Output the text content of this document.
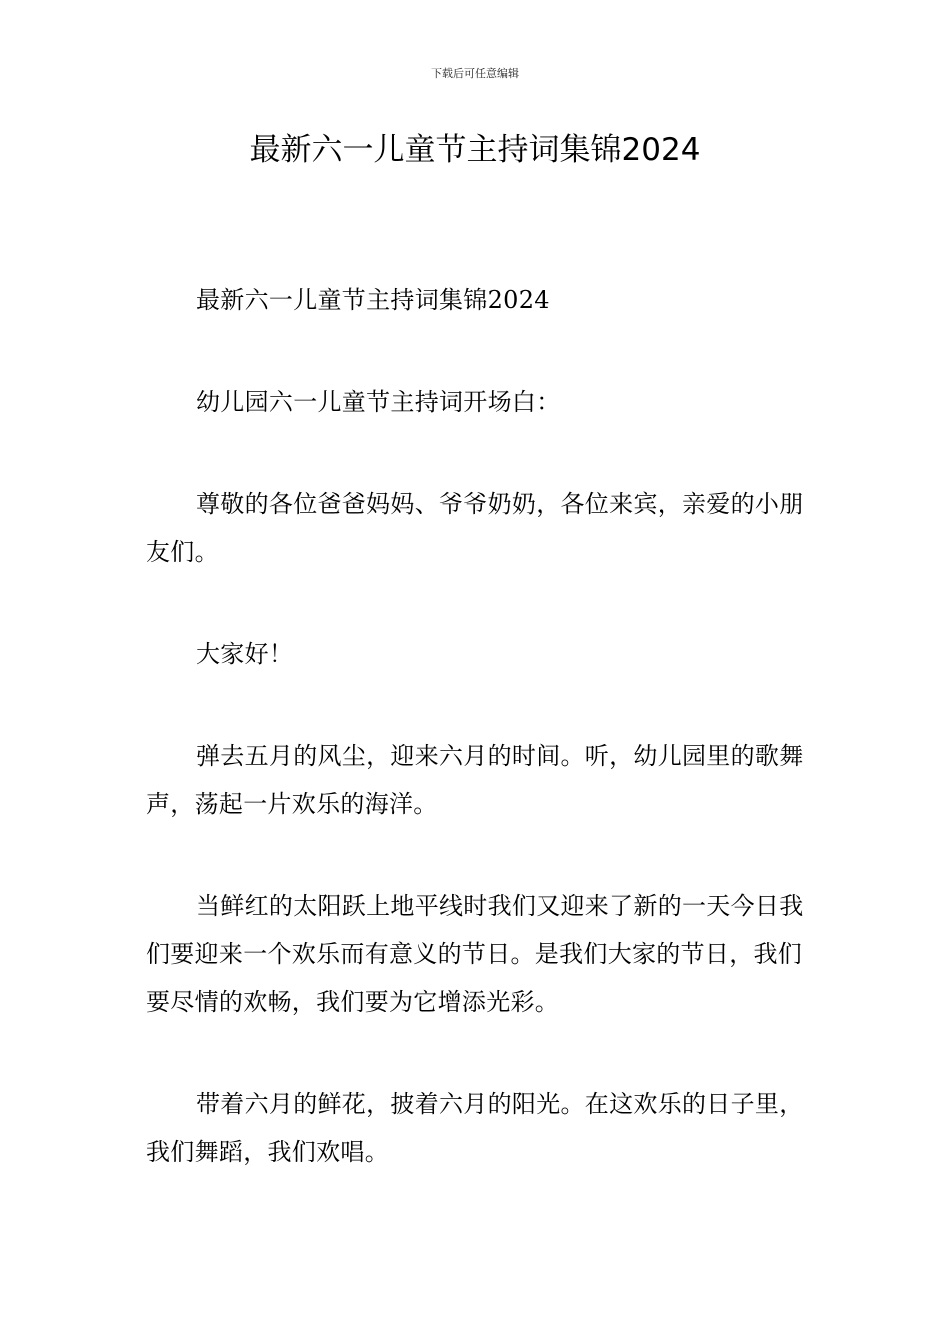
下载后可任意编辑
最新六一儿童节主持词集锦2024

最新六一儿童节主持词集锦2024

幼儿园六一儿童节主持词开场白：

尊敬的各位爸爸妈妈、爷爷奶奶，各位来宾，亲爱的小朋友们。

大家好！

弹去五月的风尘，迎来六月的时间。听，幼儿园里的歌舞声，荡起一片欢乐的海洋。

当鲜红的太阳跃上地平线时我们又迎来了新的一天今日我们要迎来一个欢乐而有意义的节日。是我们大家的节日，我们要尽情的欢畅，我们要为它增添光彩。

带着六月的鲜花，披着六月的阳光。在这欢乐的日子里，我们舞蹈，我们欢唱。
